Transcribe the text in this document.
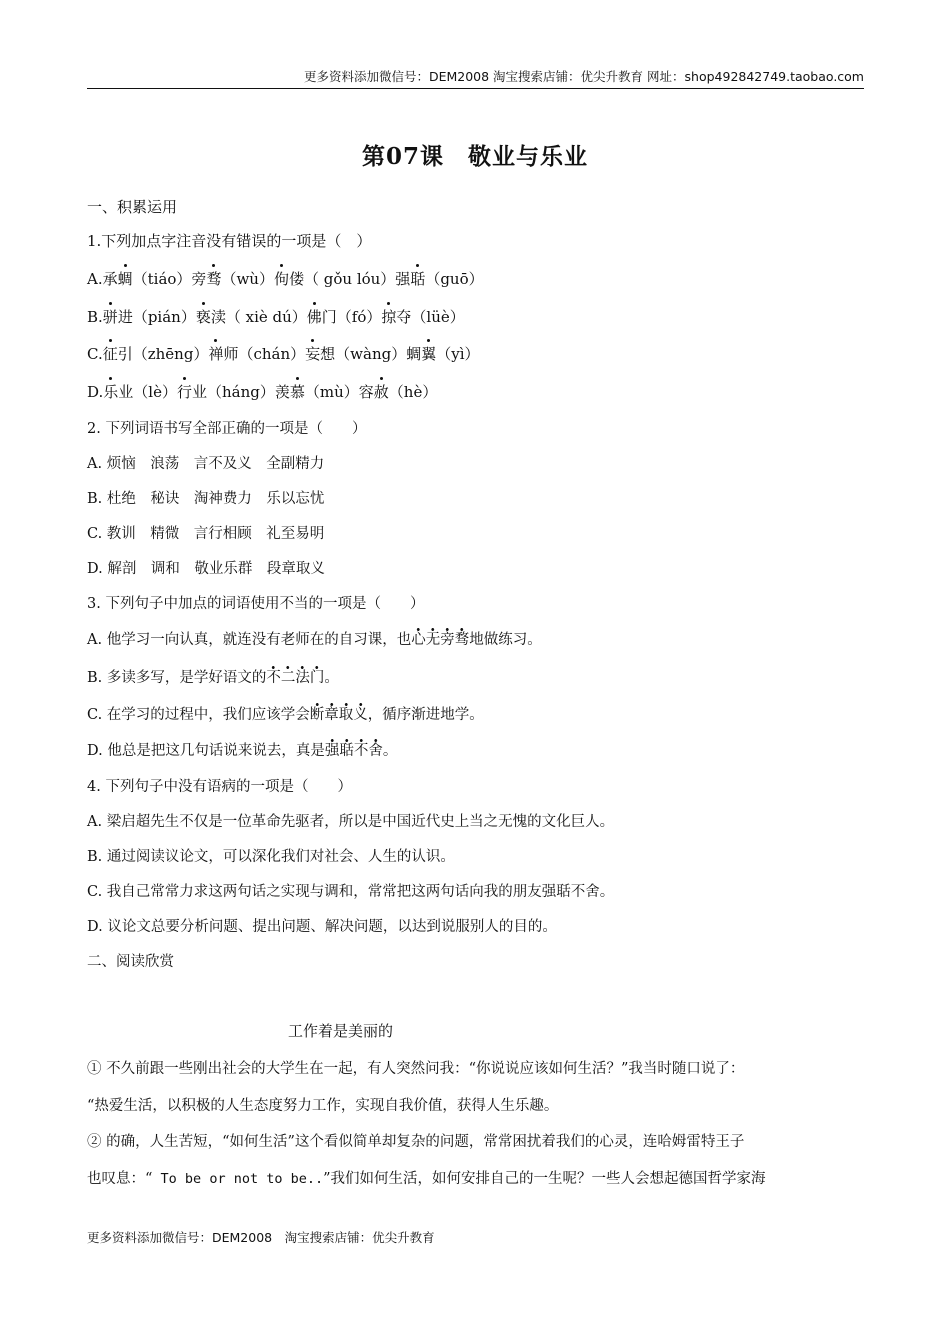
更多资料添加微信号：DEM2008 淘宝搜索店铺：优尖升教育 网址：shop492842749.taobao.com
第07课　敬业与乐业
一、积累运用
1.下列加点字注音没有错误的一项是（　）
A.承蜩（tiáo）旁骛（wù）佝偻（ gǒu lóu）强聒（guō）
B.骈进（pián）亵渎（ xiè dú）佛门（fó）掠夺（lüè）
C.征引（zhēng）禅师（chán）妄想（wàng）蜩翼（yì）
D.乐业（lè）行业（háng）羡慕（mù）容赦（hè）
2. 下列词语书写全部正确的一项是（　　）
A. 烦恼　浪荡　言不及义　全副精力
B. 杜绝　秘诀　淘神费力　乐以忘忧
C. 教训　精微　言行相顾　礼至易明
D. 解剖　调和　敬业乐群　段章取义
3. 下列句子中加点的词语使用不当的一项是（　　）
A. 他学习一向认真，就连没有老师在的自习课，也心无旁骛地做练习。
B. 多读多写，是学好语文的不二法门。
C. 在学习的过程中，我们应该学会断章取义，循序渐进地学。
D. 他总是把这几句话说来说去，真是强聒不舍。
4. 下列句子中没有语病的一项是（　　）
A. 梁启超先生不仅是一位革命先驱者，所以是中国近代史上当之无愧的文化巨人。
B. 通过阅读议论文，可以深化我们对社会、人生的认识。
C. 我自己常常力求这两句话之实现与调和，常常把这两句话向我的朋友强聒不舍。
D. 议论文总要分析问题、提出问题、解决问题，以达到说服别人的目的。
二、阅读欣赏
工作着是美丽的
① 不久前跟一些刚出社会的大学生在一起，有人突然问我：“你说说应该如何生活？”我当时随口说了：
“热爱生活，以积极的人生态度努力工作，实现自我价值，获得人生乐趣。
② 的确，人生苦短，“如何生活”这个看似简单却复杂的问题，常常困扰着我们的心灵，连哈姆雷特王子
也叹息：“ To be or not to be..”我们如何生活，如何安排自己的一生呢？一些人会想起德国哲学家海
更多资料添加微信号：DEM2008　淘宝搜索店铺：优尖升教育
